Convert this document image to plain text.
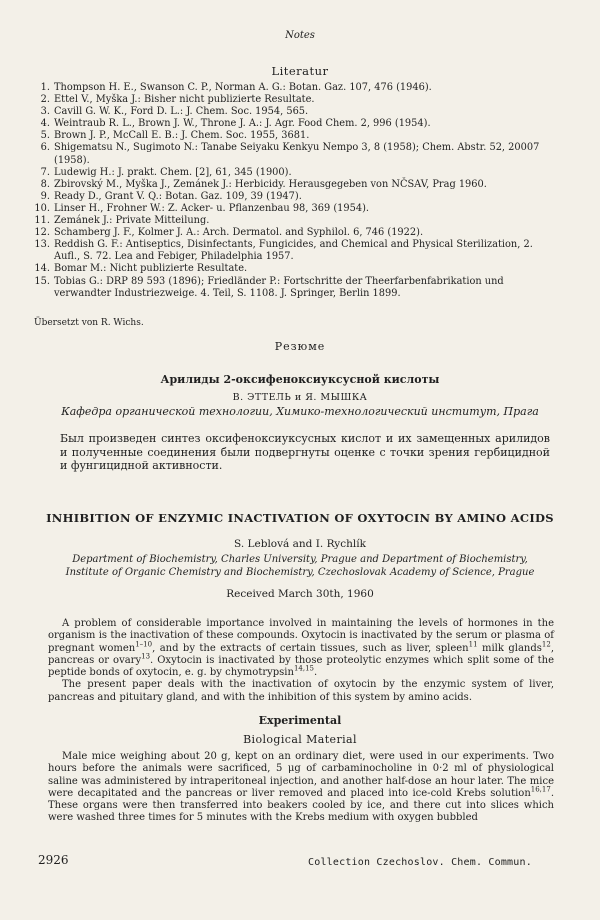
Notes
Literatur
1. Thompson H. E., Swanson C. P., Norman A. G.: Botan. Gaz. 107, 476 (1946).
2. Ettel V., Myška J.: Bisher nicht publizierte Resultate.
3. Cavill G. W. K., Ford D. L.: J. Chem. Soc. 1954, 565.
4. Weintraub R. L., Brown J. W., Throne J. A.: J. Agr. Food Chem. 2, 996 (1954).
5. Brown J. P., McCall E. B.: J. Chem. Soc. 1955, 3681.
6. Shigematsu N., Sugimoto N.: Tanabe Seiyaku Kenkyu Nempo 3, 8 (1958); Chem. Abstr. 52, 20007 (1958).
7. Ludewig H.: J. prakt. Chem. [2], 61, 345 (1900).
8. Zbirovský M., Myška J., Zemánek J.: Herbicidy. Herausgegeben von NČSAV, Prag 1960.
9. Ready D., Grant V. Q.: Botan. Gaz. 109, 39 (1947).
10. Linser H., Frohner W.: Z. Acker- u. Pflanzenbau 98, 369 (1954).
11. Zemánek J.: Private Mitteilung.
12. Schamberg J. F., Kolmer J. A.: Arch. Dermatol. and Syphilol. 6, 746 (1922).
13. Reddish G. F.: Antiseptics, Disinfectants, Fungicides, and Chemical and Physical Sterilization, 2. Aufl., S. 72. Lea and Febiger, Philadelphia 1957.
14. Bomar M.: Nicht publizierte Resultate.
15. Tobias G.: DRP 89 593 (1896); Friedländer P.: Fortschritte der Theerfarbenfabrikation und verwandter Industriezweige. 4. Teil, S. 1108. J. Springer, Berlin 1899.
Übersetzt von R. Wichs.
Резюме
Арилиды 2-оксифеноксиуксусной кислоты
В. ЭТТЕЛЬ и Я. МЫШКА
Кафедра органической технологии, Химико-технологический институт, Прага
Был произведен синтез оксифеноксиуксусных кислот и их замещенных арилидов и полученные соединения были подвергнуты оценке с точки зрения гербицидной и фунгицидной активности.
INHIBITION OF ENZYMIC INACTIVATION OF OXYTOCIN BY AMINO ACIDS
S. Leblová and I. Rychlík
Department of Biochemistry, Charles University, Prague and Department of Biochemistry, Institute of Organic Chemistry and Biochemistry, Czechoslovak Academy of Science, Prague
Received March 30th, 1960

A problem of considerable importance involved in maintaining the levels of hormones in the organism is the inactivation of these compounds. Oxytocin is inactivated by the serum or plasma of pregnant women$^{1-10}$, and by the extracts of certain tissues, such as liver, spleen$^{11}$ milk glands$^{12}$, pancreas or ovary$^{13}$. Oxytocin is inactivated by those proteolytic enzymes which split some of the peptide bonds of oxytocin, e. g. by chymotrypsin$^{14,15}$.

The present paper deals with the inactivation of oxytocin by the enzymic system of liver, pancreas and pituitary gland, and with the inhibition of this system by amino acids.

Experimental
Biological Material

Male mice weighing about 20 g, kept on an ordinary diet, were used in our experiments. Two hours before the animals were sacrificed, 5 μg of carbaminocholine in 0·2 ml of physiological saline was administered by intraperitoneal injection, and another half-dose an hour later. The mice were decapitated and the pancreas or liver removed and placed into ice-cold Krebs solution$^{16,17}$. These organs were then transferred into beakers cooled by ice, and there cut into slices which were washed three times for 5 minutes with the Krebs medium with oxygen bubbled

2926	Collection Czechoslov. Chem. Commun.
